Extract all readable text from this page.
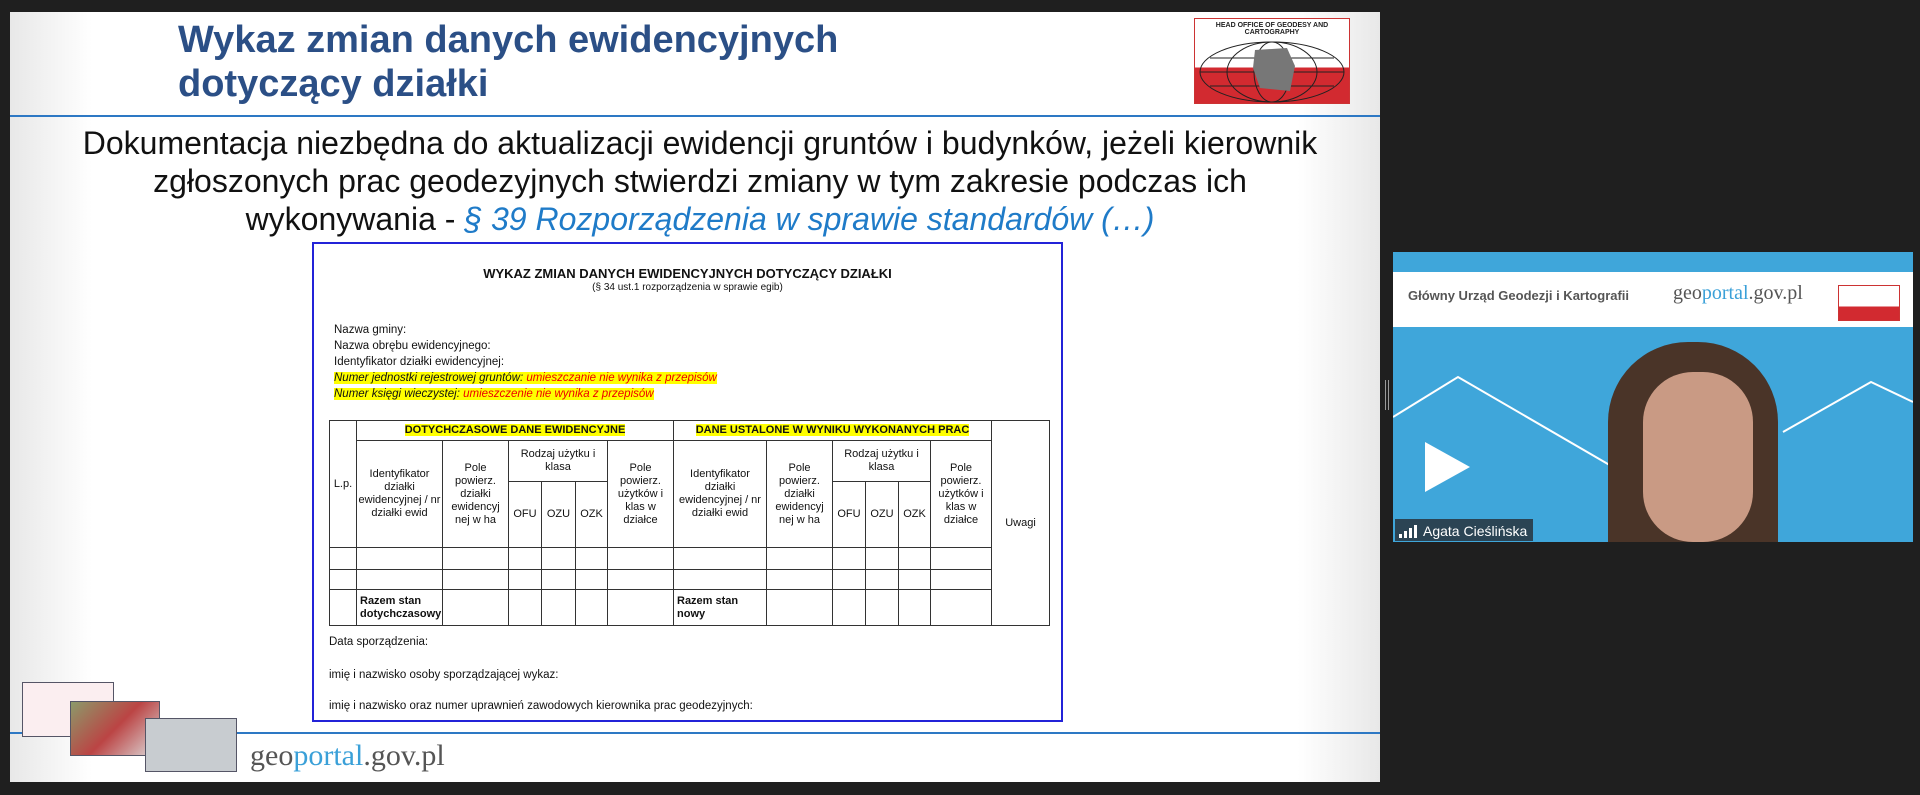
Wykaz zmian danych ewidencyjnych
dotyczący działki
HEAD OFFICE OF GEODESY AND CARTOGRAPHY
Dokumentacja niezbędna do aktualizacji ewidencji gruntów i budynków, jeżeli kierownik zgłoszonych prac geodezyjnych stwierdzi zmiany w tym zakresie podczas ich wykonywania - § 39 Rozporządzenia w sprawie standardów (…)
WYKAZ ZMIAN DANYCH EWIDENCYJNYCH DOTYCZĄCY DZIAŁKI
(§ 34 ust.1 rozporządzenia w sprawie egib)
Nazwa gminy:
Nazwa obrębu ewidencyjnego:
Identyfikator działki ewidencyjnej:
Numer jednostki rejestrowej gruntów: umieszczanie nie wynika z przepisów
Numer księgi wieczystej: umieszczenie nie wynika z przepisów
L.p.	DOTYCHCZASOWE DANE EWIDENCYJNE						DANE USTALONE W WYNIKU WYKONANYCH PRAC						Uwagi
	Identyfikator działki ewidencyjnej / nr działki ewid	Pole powierz. działki ewidencyj nej w ha	Rodzaj użytku i klasa			Pole powierz. użytków i klas w działce	Identyfikator działki ewidencyjnej / nr działki ewid	Pole powierz. działki ewidencyj nej w ha	Rodzaj użytku i klasa			Pole powierz. użytków i klas w działce	
			OFU	OZU	OZK				OFU	OZU	OZK		

	Razem stan dotychczasowy						Razem stan nowy						
Data sporządzenia:
imię i nazwisko osoby sporządzającej wykaz:
imię i nazwisko oraz numer uprawnień zawodowych kierownika prac geodezyjnych:
geoportal.gov.pl
Główny Urząd Geodezji i Kartografii geoportal.gov.pl
Agata Cieślińska
